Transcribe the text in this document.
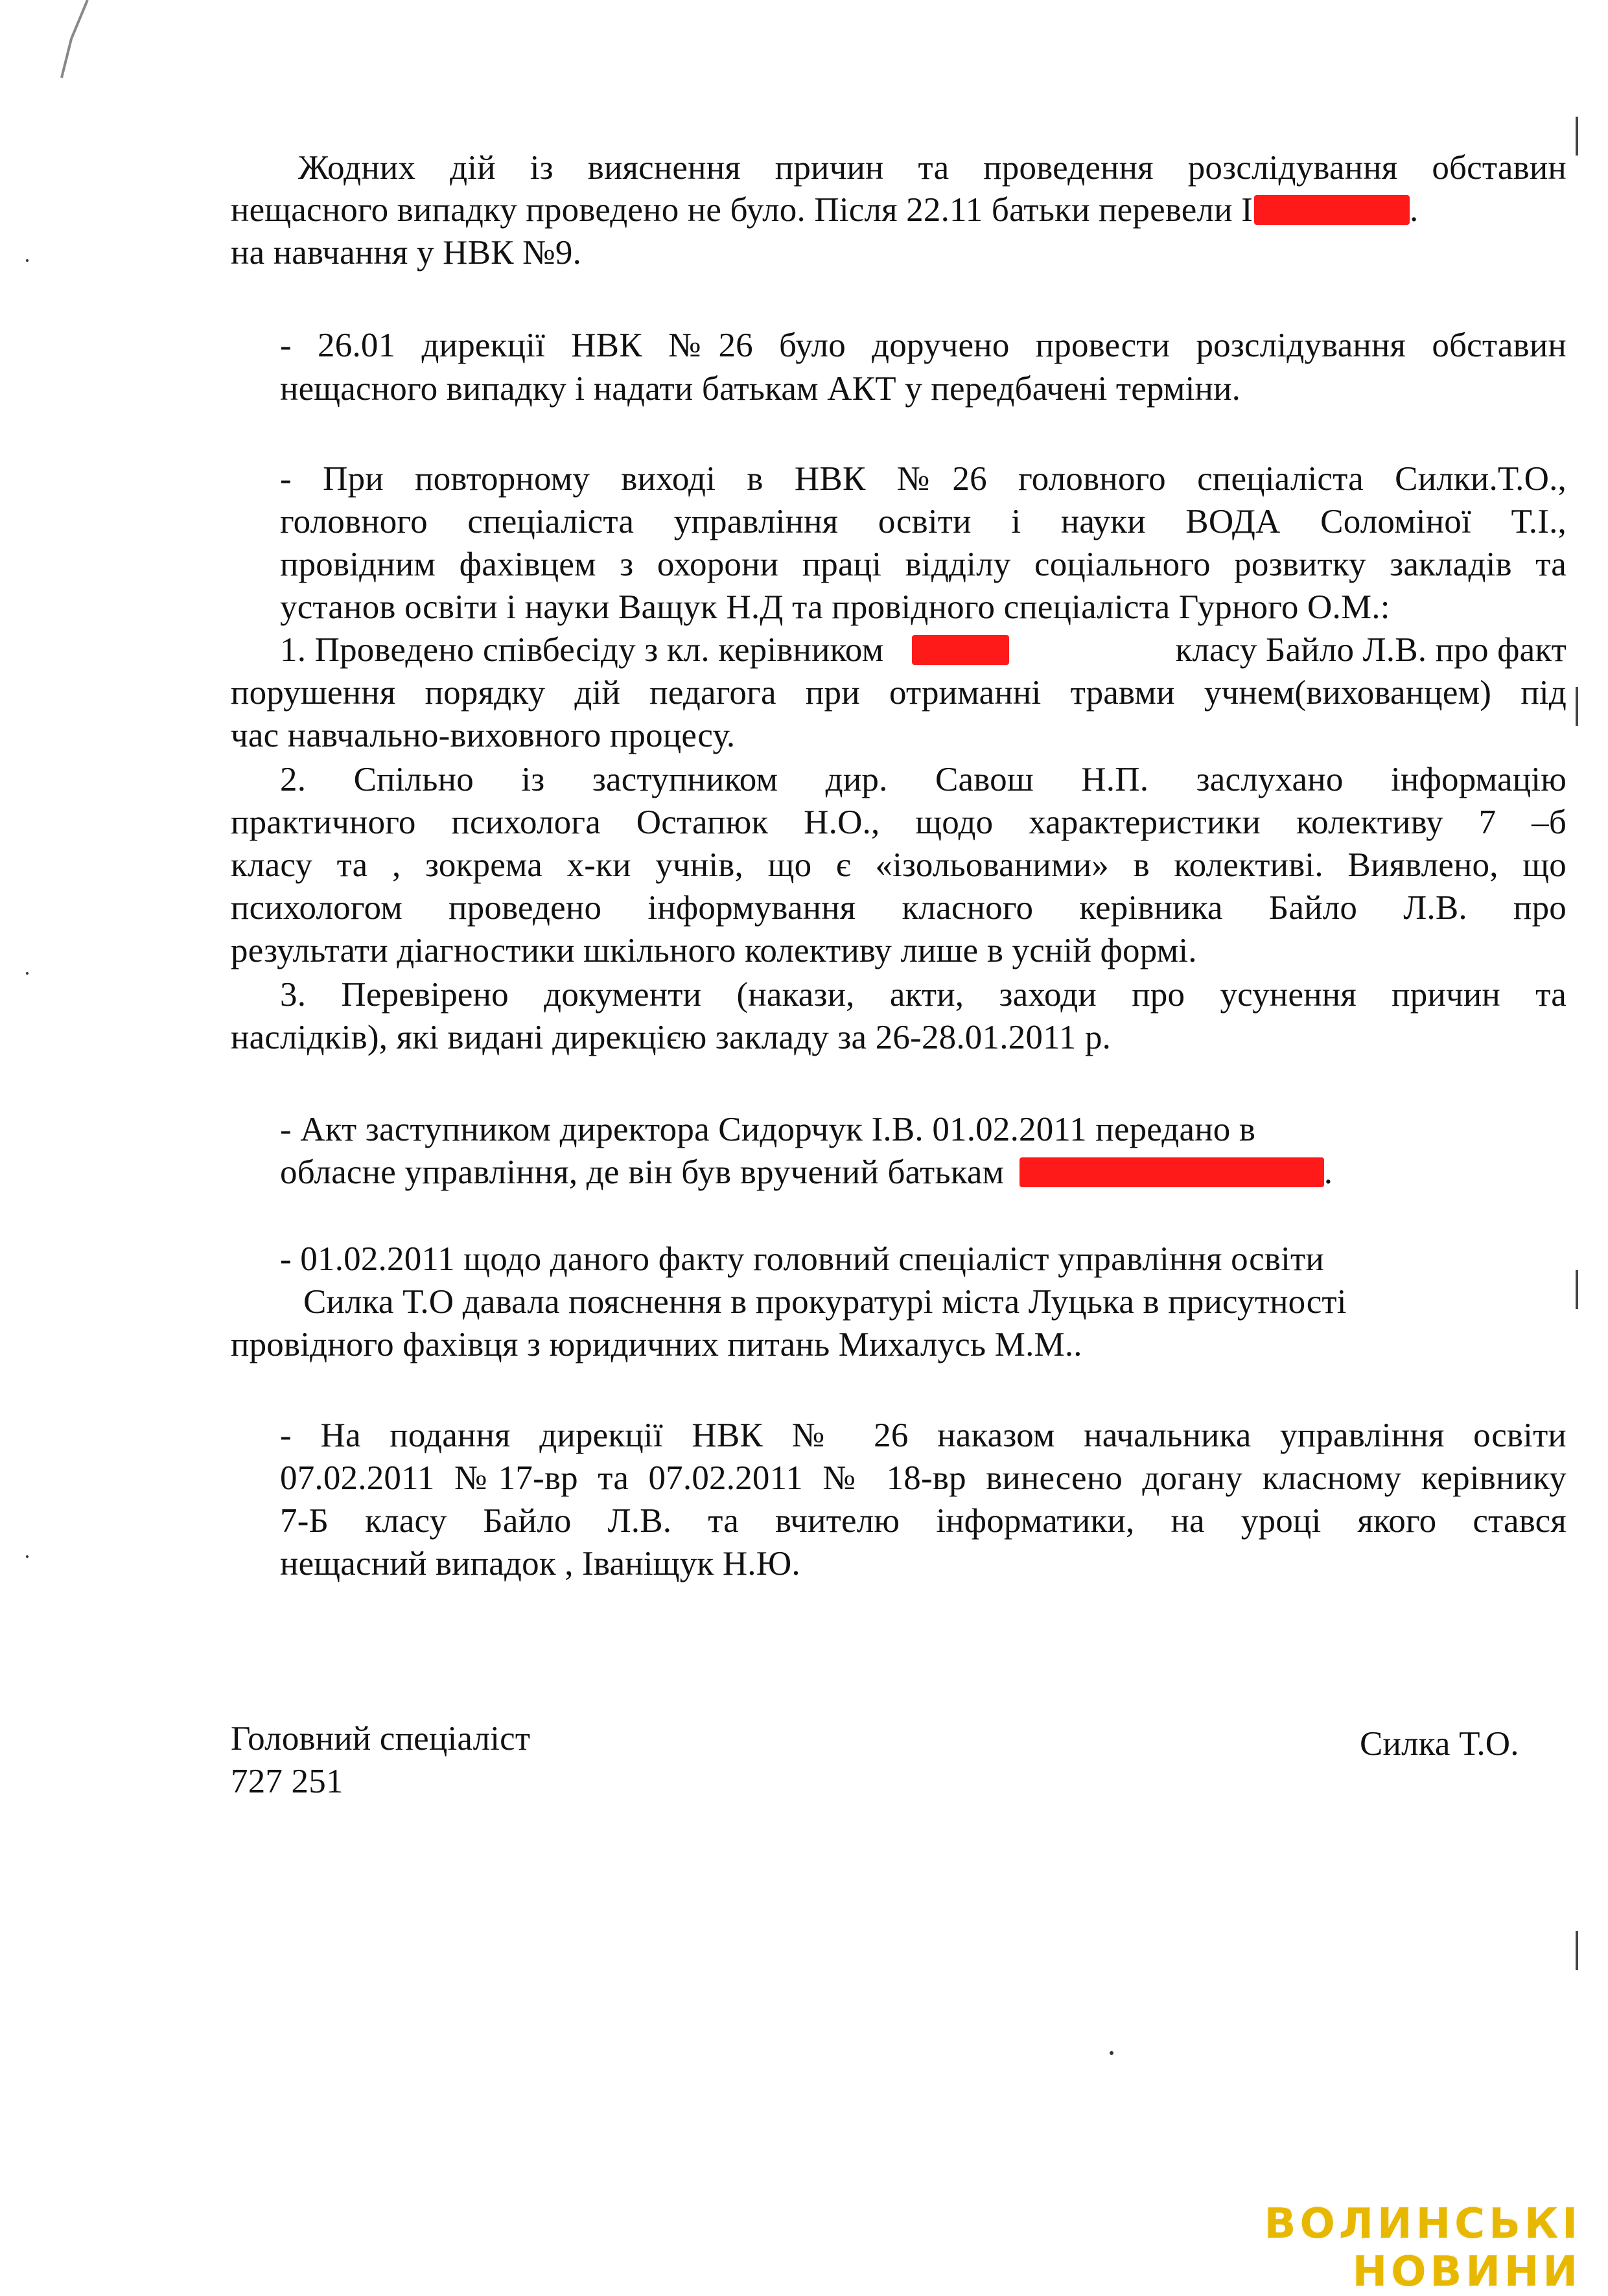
Жодних дій із вияснення причин та проведення розслідування обставин
нещасного випадку проведено не було. Після 22.11 батьки перевели І	.
на навчання у НВК №9.
- 26.01 дирекції НВК №26 було доручено провести розслідування обставин
нещасного випадку і надати батькам АКТ у передбачені терміни.
- При повторному виході в НВК №26 головного спеціаліста Силки.Т.О.,
головного спеціаліста управління освіти і науки ВОДА Соломіної Т.І.,
провідним фахівцем з охорони праці відділу соціального розвитку закладів та
установ освіти і науки Ващук Н.Д та провідного спеціаліста Гурного О.М.:
1. Проведено співбесіду з кл. керівником	класу Байло Л.В. про факт
порушення порядку дій педагога при отриманні травми учнем(вихованцем) під
час навчально-виховного процесу.
2. Спільно із заступником дир. Савош Н.П. заслухано інформацію
практичного психолога Остапюк Н.О., щодо характеристики колективу 7 –б
класу та , зокрема х-ки учнів, що є «ізольованими» в колективі. Виявлено, що
психологом проведено інформування класного керівника Байло Л.В. про
результати діагностики шкільного колективу лише в усній формі.
3. Перевірено документи (накази, акти, заходи про усунення причин та
наслідків), які видані дирекцією закладу за 26-28.01.2011 р.
- Акт заступником директора Сидорчук І.В. 01.02.2011 передано в
обласне управління, де він був вручений батькам	.
- 01.02.2011 щодо даного факту головний спеціаліст управління освіти
Силка Т.О давала пояснення в прокуратурі міста Луцька в присутності
провідного фахівця з юридичних питань Михалусь М.М..
- На подання дирекції НВК № 26 наказом начальника управління освіти
07.02.2011 №17-вр та 07.02.2011 № 18-вр винесено догану класному керівнику
7-Б класу Байло Л.В. та вчителю інформатики, на уроці якого стався
нещасний випадок , Іваніщук Н.Ю.
Головний спеціаліст
727 251
Силка Т.О.
ВОЛИНСЬКІ НОВИНИ
